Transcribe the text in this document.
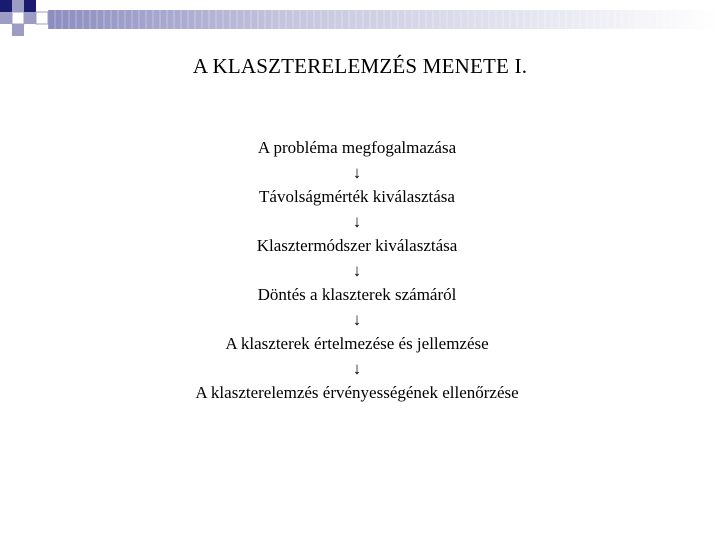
A KLASZTERELEMZÉS MENETE I.
A probléma megfogalmazása
↓
Távolságmérték kiválasztása
↓
Klasztermódszer kiválasztása
↓
Döntés a klaszterek számáról
↓
A klaszterek értelmezése és jellemzése
↓
A klaszterelemzés érvényességének ellenőrzése
